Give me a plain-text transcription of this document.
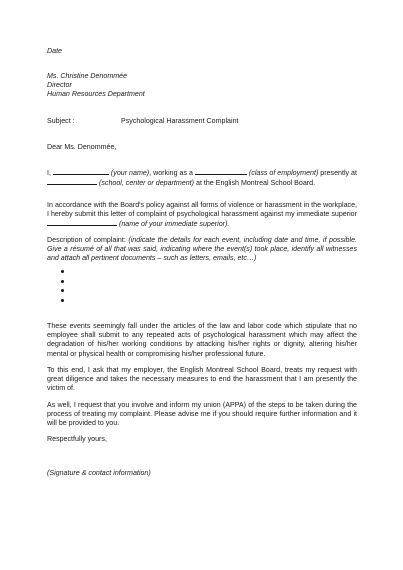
Date
Ms. Christine Denommée
Director
Human Resources Department
Subject :	Psychological Harassment Complaint
Dear Ms. Denommée,
I,	(your name), working as a	(class of employment) presently at  (school, center or department) at the English Montreal School Board.
In accordance with the Board's policy against all forms of violence or harassment in the workplace, I hereby submit this letter of complaint of psychological harassment against my immediate superior  (name of your immediate superior).
Description of complaint: (indicate the details for each event, including date and time, if possible. Give a résumé of all that was said, indicating where the event(s) took place, identify all witnesses and attach all pertinent documents – such as letters, emails, etc…)
These events seemingly fall under the articles of the law and labor code which stipulate that no employee shall submit to any repeated acts of psychological harassment which may affect the degradation of his/her working conditions by attacking his/her rights or dignity, altering his/her mental or physical health or compromising his/her professional future.
To this end, I ask that my employer, the English Montreal School Board, treats my request with great diligence and takes the necessary measures to end the harassment that I am presently the victim of.
As well, I request that you involve and inform my union (APPA) of the steps to be taken during the process of treating my complaint. Please advise me if you should require further information and it will be provided to you.
Respectfully yours,
(Signature & contact information)
